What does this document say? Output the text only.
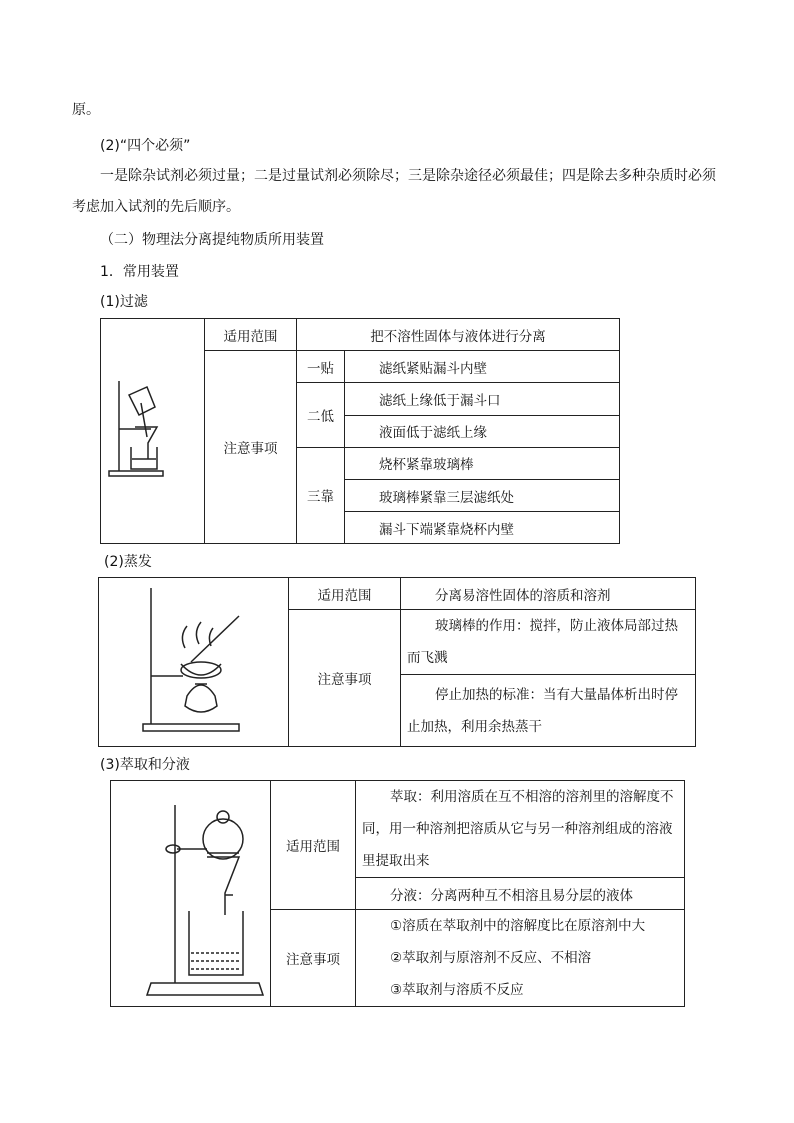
原。
(2)“四个必须”
一是除杂试剂必须过量；二是过量试剂必须除尽；三是除杂途径必须最佳；四是除去多种杂质时必须
考虑加入试剂的先后顺序。
（二）物理法分离提纯物质所用装置
1．常用装置
(1)过滤
	适用范围	把不溶性固体与液体进行分离	
	注意事项	一贴	滤纸紧贴漏斗内壁
		二低	滤纸上缘低于漏斗口
			液面低于滤纸上缘
		三靠	烧杯紧靠玻璃棒
			玻璃棒紧靠三层滤纸处
			漏斗下端紧靠烧杯内壁
(2)蒸发
	适用范围	分离易溶性固体的溶质和溶剂
	注意事项	玻璃棒的作用：搅拌，防止液体局部过热而飞溅
		停止加热的标准：当有大量晶体析出时停止加热，利用余热蒸干
(3)萃取和分液
	适用范围	萃取：利用溶质在互不相溶的溶剂里的溶解度不同，用一种溶剂把溶质从它与另一种溶剂组成的溶液里提取出来
		分液：分离两种互不相溶且易分层的液体
	注意事项	①溶质在萃取剂中的溶解度比在原溶剂中大
②萃取剂与原溶剂不反应、不相溶
③萃取剂与溶质不反应
